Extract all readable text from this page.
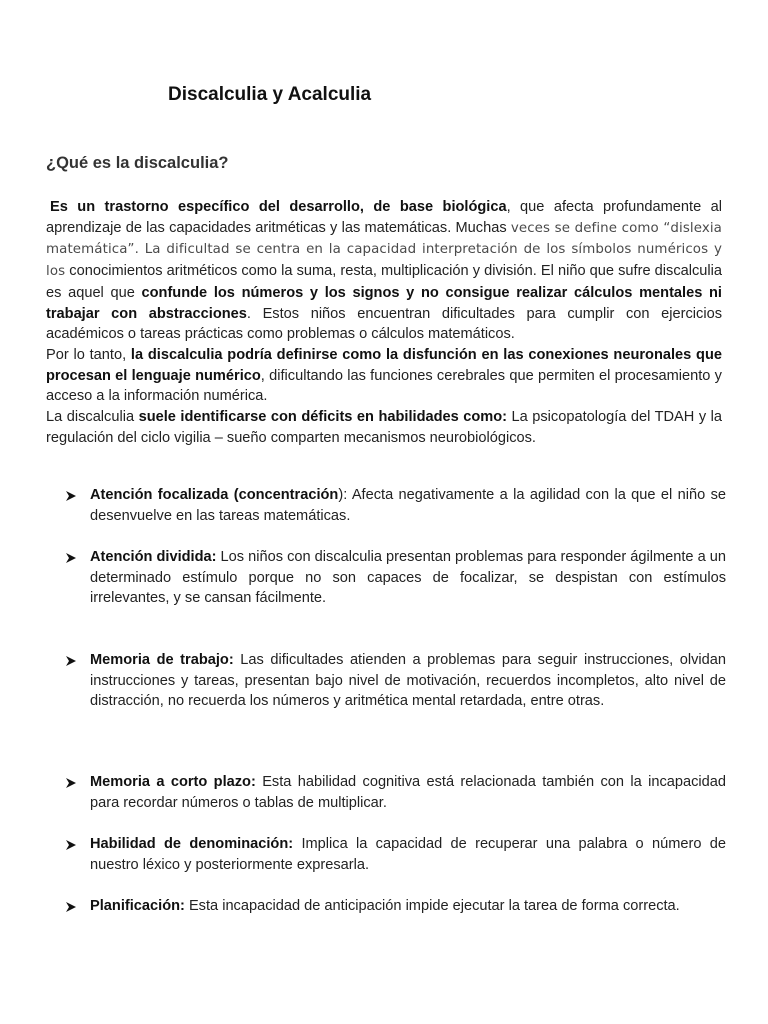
Discalculia y Acalculia
¿Qué es la discalculia?

Es un trastorno específico del desarrollo, de base biológica, que afecta profundamente al aprendizaje de las capacidades aritméticas y las matemáticas. Muchas veces se define como “dislexia matemática”. La dificultad se centra en la capacidad interpretación de los símbolos numéricos y los conocimientos aritméticos como la suma, resta, multiplicación y división. El niño que sufre discalculia es aquel que confunde los números y los signos y no consigue realizar cálculos mentales ni trabajar con abstracciones. Estos niños encuentran dificultades para cumplir con ejercicios académicos o tareas prácticas como problemas o cálculos matemáticos.

Por lo tanto, la discalculia podría definirse como la disfunción en las conexiones neuronales que procesan el lenguaje numérico, dificultando las funciones cerebrales que permiten el procesamiento y acceso a la información numérica.

La discalculia suele identificarse con déficits en habilidades como: La psicopatología del TDAH y la regulación del ciclo vigilia – sueño comparten mecanismos neurobiológicos.

Atención focalizada (concentración): Afecta negativamente a la agilidad con la que el niño se desenvuelve en las tareas matemáticas.
Atención dividida: Los niños con discalculia presentan problemas para responder ágilmente a un determinado estímulo porque no son capaces de focalizar, se despistan con estímulos irrelevantes, y se cansan fácilmente.
Memoria de trabajo: Las dificultades atienden a problemas para seguir instrucciones, olvidan instrucciones y tareas, presentan bajo nivel de motivación, recuerdos incompletos, alto nivel de distracción, no recuerda los números y aritmética mental retardada, entre otras.
Memoria a corto plazo: Esta habilidad cognitiva está relacionada también con la incapacidad para recordar números o tablas de multiplicar.
Habilidad de denominación: Implica la capacidad de recuperar una palabra o número de nuestro léxico y posteriormente expresarla.
Planificación: Esta incapacidad de anticipación impide ejecutar la tarea de forma correcta.
